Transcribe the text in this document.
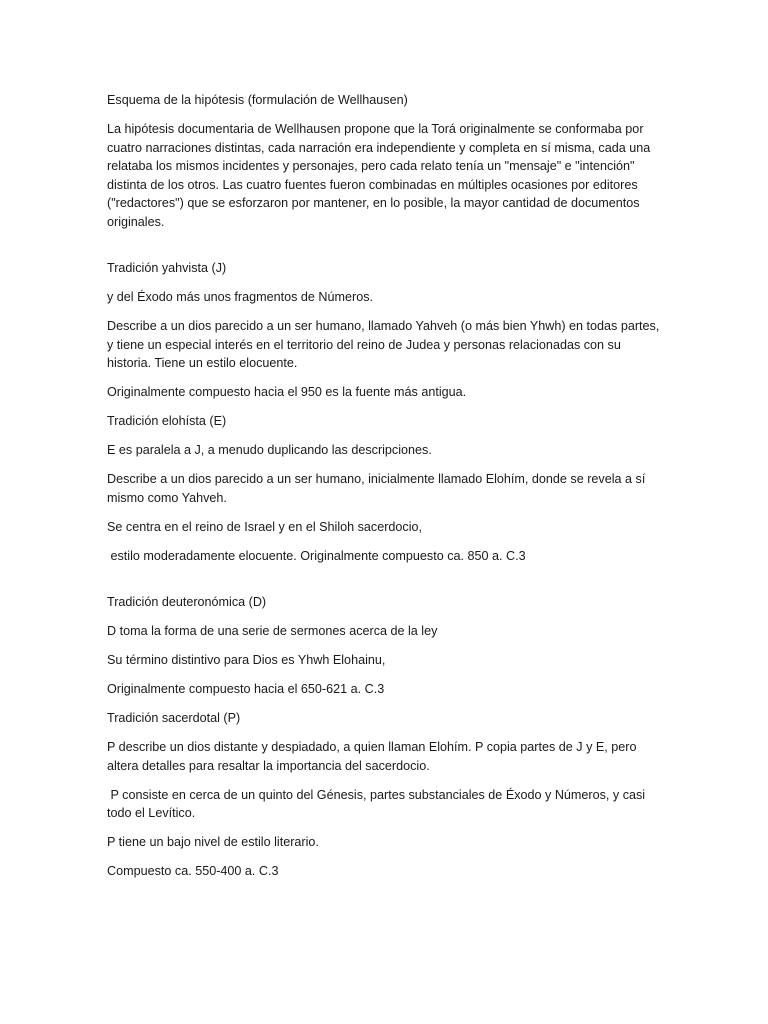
Esquema de la hipótesis (formulación de Wellhausen)

La hipótesis documentaria de Wellhausen propone que la Torá originalmente se conformaba por cuatro narraciones distintas, cada narración era independiente y completa en sí misma, cada una relataba los mismos incidentes y personajes, pero cada relato tenía un "mensaje" e "intención" distinta de los otros. Las cuatro fuentes fueron combinadas en múltiples ocasiones por editores ("redactores") que se esforzaron por mantener, en lo posible, la mayor cantidad de documentos originales.

Tradición yahvista (J)

y del Éxodo más unos fragmentos de Números.

Describe a un dios parecido a un ser humano, llamado Yahveh (o más bien Yhwh) en todas partes, y tiene un especial interés en el territorio del reino de Judea y personas relacionadas con su historia. Tiene un estilo elocuente.

Originalmente compuesto hacia el 950 es la fuente más antigua.

Tradición elohísta (E)

E es paralela a J, a menudo duplicando las descripciones.

Describe a un dios parecido a un ser humano, inicialmente llamado Elohím, donde se revela a sí mismo como Yahveh.

Se centra en el reino de Israel y en el Shiloh sacerdocio,

estilo moderadamente elocuente. Originalmente compuesto ca. 850 a. C.3

Tradición deuteronómica (D)

D toma la forma de una serie de sermones acerca de la ley

Su término distintivo para Dios es Yhwh Elohainu,

Originalmente compuesto hacia el 650-621 a. C.3

Tradición sacerdotal (P)

P describe un dios distante y despiadado, a quien llaman Elohím. P copia partes de J y E, pero altera detalles para resaltar la importancia del sacerdocio.

P consiste en cerca de un quinto del Génesis, partes substanciales de Éxodo y Números, y casi todo el Levítico.

P tiene un bajo nivel de estilo literario.

Compuesto ca. 550-400 a. C.3
